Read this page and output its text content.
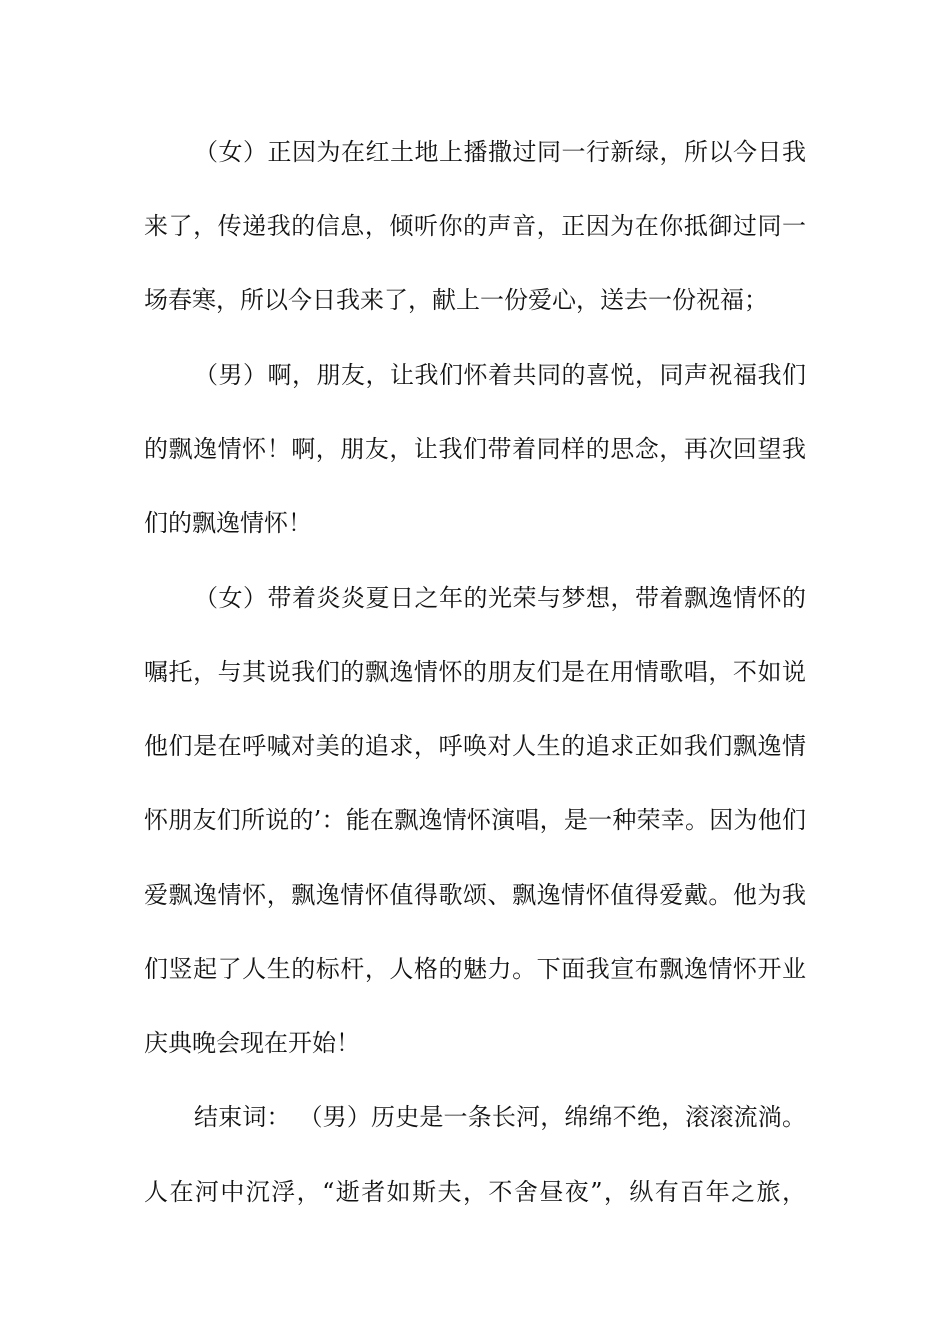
（女）正因为在红土地上播撒过同一行新绿，所以今日我
来了，传递我的信息，倾听你的声音，正因为在你抵御过同一
场春寒，所以今日我来了，献上一份爱心，送去一份祝福；
（男）啊，朋友，让我们怀着共同的喜悦，同声祝福我们
的飘逸情怀！啊，朋友，让我们带着同样的思念，再次回望我
们的飘逸情怀！
（女）带着炎炎夏日之年的光荣与梦想，带着飘逸情怀的
嘱托，与其说我们的飘逸情怀的朋友们是在用情歌唱，不如说
他们是在呼喊对美的追求，呼唤对人生的追求正如我们飘逸情
怀朋友们所说的’：能在飘逸情怀演唱，是一种荣幸。因为他们
爱飘逸情怀，飘逸情怀值得歌颂、飘逸情怀值得爱戴。他为我
们竖起了人生的标杆，人格的魅力。下面我宣布飘逸情怀开业
庆典晚会现在开始！
结束词： （男）历史是一条长河，绵绵不绝，滚滚流淌。
人在河中沉浮，“逝者如斯夫，不舍昼夜”，纵有百年之旅，
